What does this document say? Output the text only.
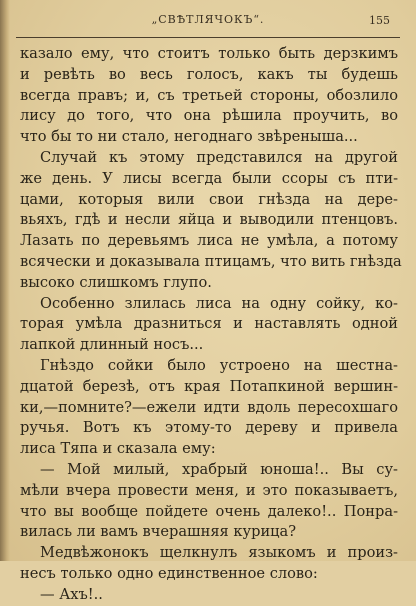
„СВѢТЛЯЧОКЪ“.	155
казало ему, что стоитъ только быть дерзкимъ
и ревѣть во весь голосъ, какъ ты будешь
всегда правъ; и, съ третьей стороны, обозлило
лису до того, что она рѣшила проучить, во
что бы то ни стало, негоднаго звѣренышa...
Случай къ этому представился на другой
же день. У лисы всегда были ссоры съ пти-
цами, которыя вили свои гнѣзда на дере-
вьяхъ, гдѣ и несли яйца и выводили птенцовъ.
Лазать по деревьямъ лиса не умѣла, а потому
всячески и доказывала птицамъ, что вить гнѣзда
высоко слишкомъ глупо.
Особенно злилась лиса на одну сойку, ко-
торая умѣла дразниться и наставлять одной
лапкой длинный носъ...
Гнѣздо сойки было устроено на шестна-
дцатой березѣ, отъ края Потапкиной вершин-
ки,—помните?—ежели идти вдоль пересохшаго
ручья. Вотъ къ этому-то дереву и привела
лиса Тяпа и сказала ему:
— Мой милый, храбрый юноша!.. Вы су-
мѣли вчера провести меня, и это показываетъ,
что вы вообще пойдете очень далеко!.. Понра-
вилась ли вамъ вчерашняя курица?
Медвѣжонокъ щелкнулъ языкомъ и произ-
несъ только одно единственное слово:
— Ахъ!..
